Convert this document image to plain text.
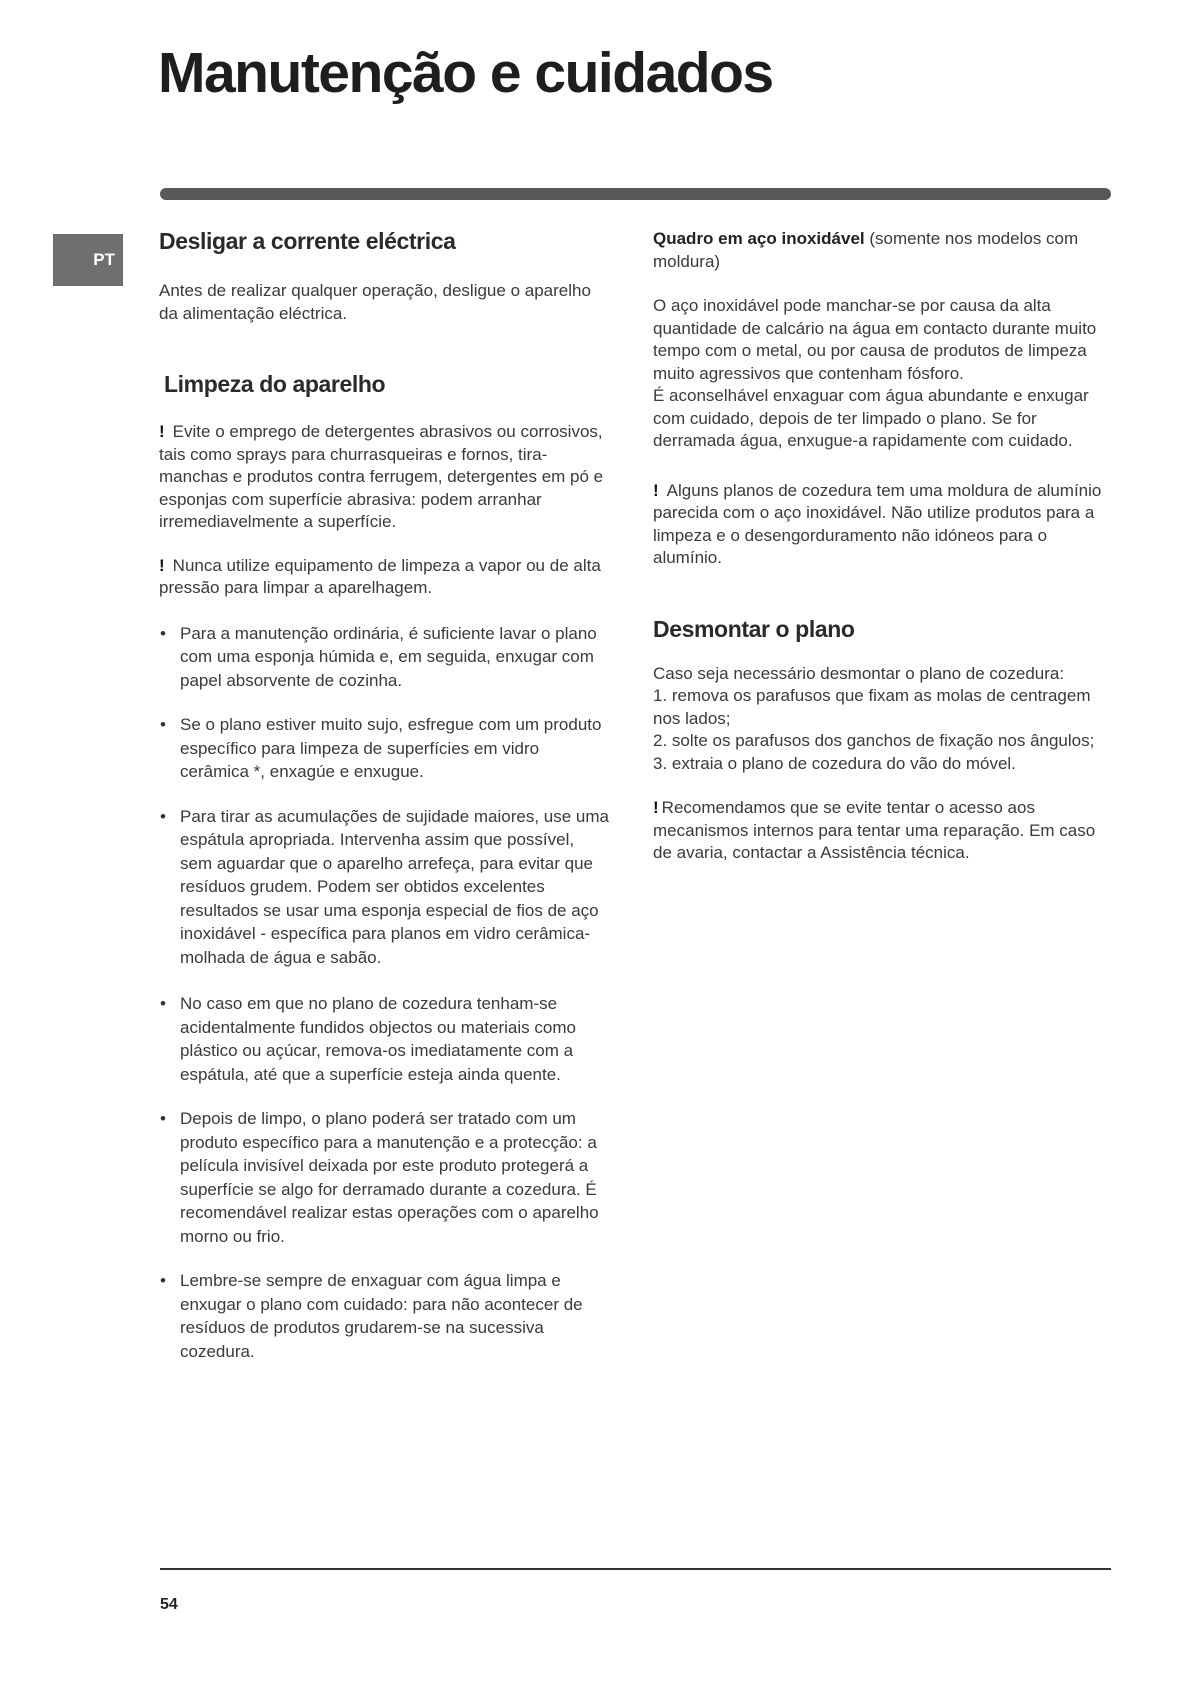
Manutenção e cuidados
PT
Desligar a corrente eléctrica

Antes de realizar qualquer operação, desligue o aparelho da alimentação eléctrica.

Limpeza do aparelho

! Evite o emprego de detergentes abrasivos ou corrosivos, tais como sprays para churrasqueiras e fornos, tira-manchas e produtos contra ferrugem, detergentes em pó e esponjas com superfície abrasiva: podem arranhar irremediavelmente a superfície.

! Nunca utilize equipamento de limpeza a vapor ou de alta pressão para limpar a aparelhagem.

• Para a manutenção ordinária, é suficiente lavar o plano com uma esponja húmida e, em seguida, enxugar com papel absorvente de cozinha.

• Se o plano estiver muito sujo, esfregue com um produto específico para limpeza de superfícies em vidro cerâmica *, enxagúe e enxugue.

• Para tirar as acumulações de sujidade maiores, use uma espátula apropriada. Intervenha assim que possível, sem aguardar que o aparelho arrefeça, para evitar que resíduos grudem. Podem ser obtidos excelentes resultados se usar uma esponja especial de fios de aço inoxidável - específica para planos em vidro cerâmica- molhada de água e sabão.

• No caso em que no plano de cozedura tenham-se acidentalmente fundidos objectos ou materiais como plástico ou açúcar, remova-os imediatamente com a espátula, até que a superfície esteja ainda quente.

• Depois de limpo, o plano poderá ser tratado com um produto específico para a manutenção e a protecção: a película invisível deixada por este produto protegerá a superfície se algo for derramado durante a cozedura. É recomendável realizar estas operações com o aparelho morno ou frio.

• Lembre-se sempre de enxaguar com água limpa e enxugar o plano com cuidado: para não acontecer de resíduos de produtos grudarem-se na sucessiva cozedura.

Quadro em aço inoxidável (somente nos modelos com moldura)

O aço inoxidável pode manchar-se por causa da alta quantidade de calcário na água em contacto durante muito tempo com o metal, ou por causa de produtos de limpeza muito agressivos que contenham fósforo.

É aconselhável enxaguar com água abundante e enxugar com cuidado, depois de ter limpado o plano. Se for derramada água, enxugue-a rapidamente com cuidado.

! Alguns planos de cozedura tem uma moldura de alumínio parecida com o aço inoxidável. Não utilize produtos para a limpeza e o desengorduramento não idóneos para o alumínio.

Desmontar o plano

Caso seja necessário desmontar o plano de cozedura:

1. remova os parafusos que fixam as molas de centragem nos lados;

2. solte os parafusos dos ganchos de fixação nos ângulos;

3. extraia o plano de cozedura do vão do móvel.

! Recomendamos que se evite tentar o acesso aos mecanismos internos para tentar uma reparação. Em caso de avaria, contactar a Assistência técnica.

54
